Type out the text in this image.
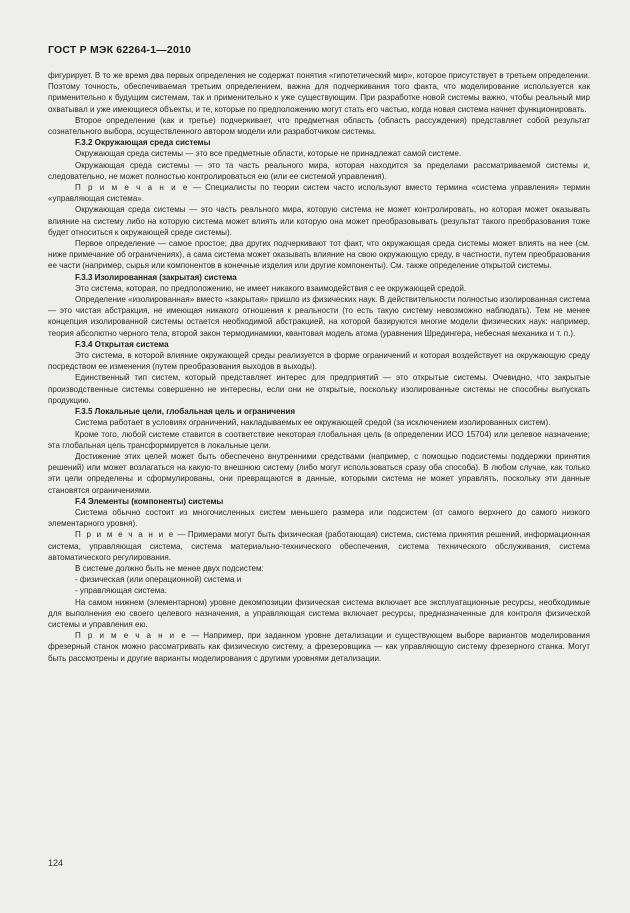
ГОСТ Р МЭК 62264-1—2010

фигурирует. В то же время два первых определения не содержат понятия «гипотетический мир», которое присутствует в третьем определении. Поэтому точность, обеспечиваемая третьим определением, важна для подчеркивания того факта, что моделирование используется как применительно к будущим системам, так и применительно к уже существующим. При разработке новой системы важно, чтобы реальный мир охватывал и уже имеющиеся объекты, и те, которые по предположению могут стать его частью, когда новая система начнет функционировать.

Второе определение (как и третье) подчеркивает, что предметная область (область рассуждения) представляет собой результат сознательного выбора, осуществленного автором модели или разработчиком системы.

F.3.2 Окружающая среда системы

Окружающая среда системы — это все предметные области, которые не принадлежат самой системе.

Окружающая среда системы — это та часть реального мира, которая находится за пределами рассматриваемой системы и, следовательно, не может полностью контролироваться ею (или ее системой управления).

П р и м е ч а н и е — Специалисты по теории систем часто используют вместо термина «система управления» термин «управляющая система».

Окружающая среда системы — это часть реального мира, которую система не может контролировать, но которая может оказывать влияние на систему либо на которую система может влиять или которую она может преобразовывать (результат такого преобразования тоже будет относиться к окружающей среде системы).

Первое определение — самое простое; два других подчеркивают тот факт, что окружающая среда системы может влиять на нее (см. ниже примечание об ограничениях), а сама система может оказывать влияние на свою окружающую среду, в частности, путем преобразования ее части (например, сырья или компонентов в конечные изделия или другие компоненты). См. также определение открытой системы.

F.3.3 Изолированная (закрытая) система

Это система, которая, по предположению, не имеет никакого взаимодействия с ее окружающей средой.

Определение «изолированная» вместо «закрытая» пришло из физических наук. В действительности полностью изолированная система — это чистая абстракция, не имеющая никакого отношения к реальности (то есть такую систему невозможно наблюдать). Тем не менее концепция изолированной системы остается необходимой абстракцией, на которой базируются многие модели физических наук: например, теория абсолютно черного тела, второй закон термодинамики, квантовая модель атома (уравнения Шредингера, небесная механика и т. п.).

F.3.4 Открытая система

Это система, в которой влияние окружающей среды реализуется в форме ограничений и которая воздействует на окружающую среду посредством ее изменения (путем преобразования выходов в выходы).

Единственный тип систем, который представляет интерес для предприятий — это открытые системы. Очевидно, что закрытые производственные системы совершенно не интересны, если они не открытые, поскольку изолированные системы не способны выпускать продукцию.

F.3.5 Локальные цели, глобальная цель и ограничения

Система работает в условиях ограничений, накладываемых ее окружающей средой (за исключением изолированных систем).

Кроме того, любой системе ставится в соответствие некоторая глобальная цель (в определении ИСО 15704) или целевое назначение; эта глобальная цель трансформируется в локальные цели.

Достижение этих целей может быть обеспечено внутренними средствами (например, с помощью подсистемы поддержки принятия решений) или может возлагаться на какую-то внешнюю систему (либо могут использоваться сразу оба способа). В любом случае, как только эти цели определены и сформулированы, они превращаются в данные, которыми система не может управлять, поскольку эти данные становятся ограничениями.

F.4 Элементы (компоненты) системы

Система обычно состоит из многочисленных систем меньшего размера или подсистем (от самого верхнего до самого низкого элементарного уровня).

П р и м е ч а н и е — Примерами могут быть физическая (работающая) система, система принятия решений, информационная система, управляющая система, система материально-технического обеспечения, система технического обслуживания, система автоматического регулирования.

В системе должно быть не менее двух подсистем:

- физическая (или операционной) система и

- управляющая система.

На самом нижнем (элементарном) уровне декомпозиции физическая система включает все эксплуатационные ресурсы, необходимые для выполнения ею своего целевого назначения, а управляющая система включает ресурсы, предназначенные для контроля физической системы и управления ею.

П р и м е ч а н и е — Например, при заданном уровне детализации и существующем выборе вариантов моделирования фрезерный станок можно рассматривать как физическую систему, а фрезеровщика — как управляющую систему фрезерного станка. Могут быть рассмотрены и другие варианты моделирования с другими уровнями детализации.

124
